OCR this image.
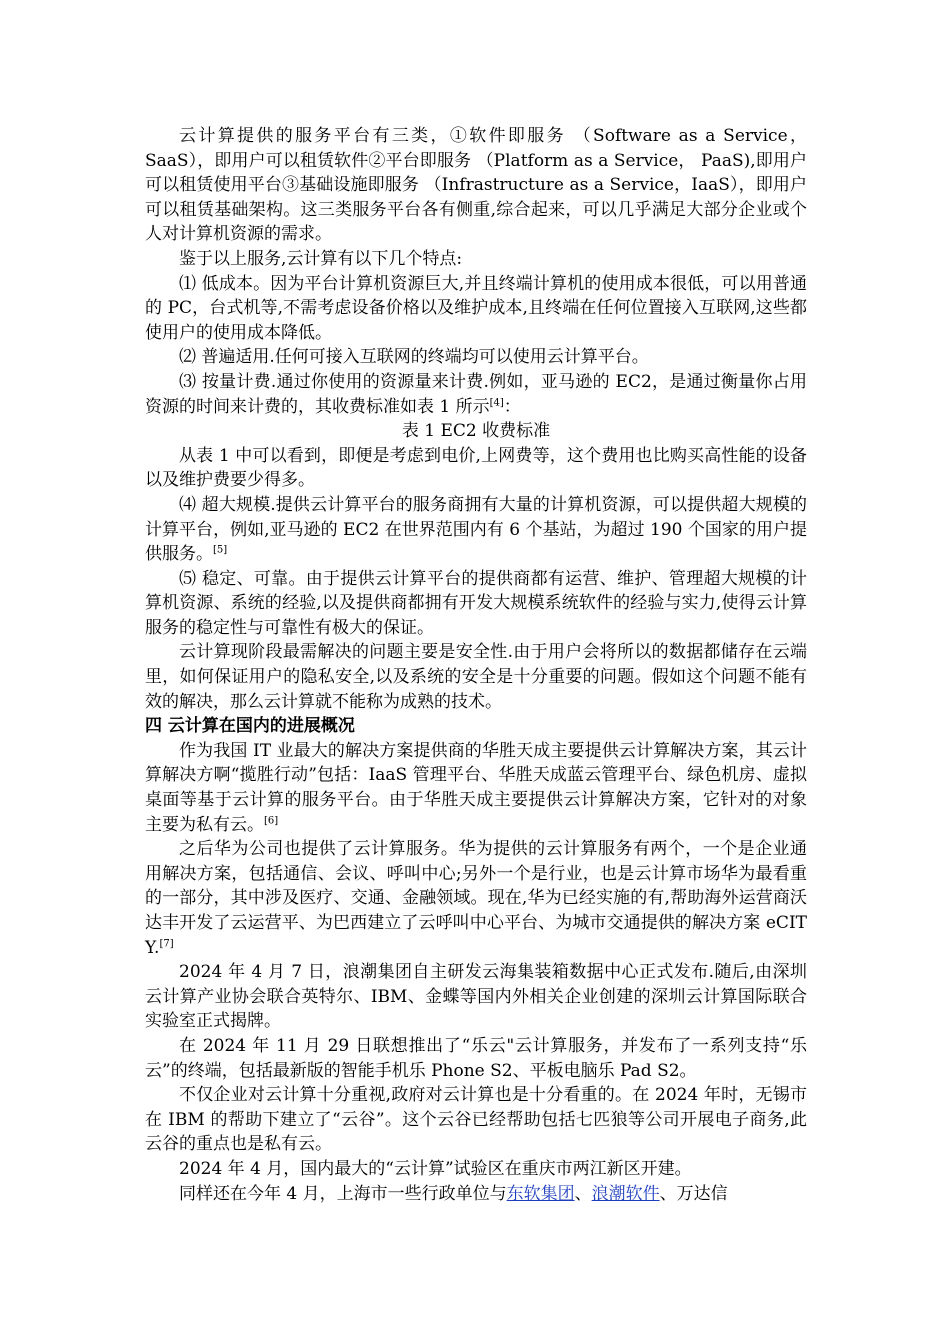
云计算提供的服务平台有三类，①软件即服务 （Software as a Service，SaaS），即用户可以租赁软件②平台即服务 （Platform as a Service， PaaS),即用户可以租赁使用平台③基础设施即服务 （Infrastructure as a Service，IaaS），即用户可以租赁基础架构。这三类服务平台各有侧重,综合起来，可以几乎满足大部分企业或个人对计算机资源的需求。

鉴于以上服务,云计算有以下几个特点:

⑴ 低成本。因为平台计算机资源巨大,并且终端计算机的使用成本很低，可以用普通的 PC，台式机等,不需考虑设备价格以及维护成本,且终端在任何位置接入互联网,这些都使用户的使用成本降低。

⑵ 普遍适用.任何可接入互联网的终端均可以使用云计算平台。

⑶ 按量计费.通过你使用的资源量来计费.例如，亚马逊的 EC2，是通过衡量你占用资源的时间来计费的，其收费标准如表 1 所示[4]：

表 1 EC2 收费标准

从表 1 中可以看到，即便是考虑到电价,上网费等，这个费用也比购买高性能的设备以及维护费要少得多。

⑷ 超大规模.提供云计算平台的服务商拥有大量的计算机资源，可以提供超大规模的计算平台，例如,亚马逊的 EC2 在世界范围内有 6 个基站，为超过 190 个国家的用户提供服务。[5]

⑸ 稳定、可靠。由于提供云计算平台的提供商都有运营、维护、管理超大规模的计算机资源、系统的经验,以及提供商都拥有开发大规模系统软件的经验与实力,使得云计算服务的稳定性与可靠性有极大的保证。

云计算现阶段最需解决的问题主要是安全性.由于用户会将所以的数据都储存在云端里，如何保证用户的隐私安全,以及系统的安全是十分重要的问题。假如这个问题不能有效的解决，那么云计算就不能称为成熟的技术。

四 云计算在国内的进展概况

作为我国 IT 业最大的解决方案提供商的华胜天成主要提供云计算解决方案，其云计算解决方啊“揽胜行动”包括：IaaS 管理平台、华胜天成蓝云管理平台、绿色机房、虚拟桌面等基于云计算的服务平台。由于华胜天成主要提供云计算解决方案，它针对的对象主要为私有云。[6]

之后华为公司也提供了云计算服务。华为提供的云计算服务有两个，一个是企业通用解决方案，包括通信、会议、呼叫中心;另外一个是行业，也是云计算市场华为最看重的一部分，其中涉及医疗、交通、金融领域。现在,华为已经实施的有,帮助海外运营商沃达丰开发了云运营平、为巴西建立了云呼叫中心平台、为城市交通提供的解决方案 eCIT Y.[7]

2024 年 4 月 7 日，浪潮集团自主研发云海集装箱数据中心正式发布.随后,由深圳云计算产业协会联合英特尔、IBM、金蝶等国内外相关企业创建的深圳云计算国际联合实验室正式揭牌。

在 2024 年 11 月 29 日联想推出了“乐云"云计算服务，并发布了一系列支持“乐云”的终端，包括最新版的智能手机乐 Phone S2、平板电脑乐 Pad S2。

不仅企业对云计算十分重视,政府对云计算也是十分看重的。在 2024 年时，无锡市在 IBM 的帮助下建立了“云谷”。这个云谷已经帮助包括七匹狼等公司开展电子商务,此云谷的重点也是私有云。

2024 年 4 月，国内最大的“云计算”试验区在重庆市两江新区开建。

同样还在今年 4 月，上海市一些行政单位与东软集团、浪潮软件、万达信
